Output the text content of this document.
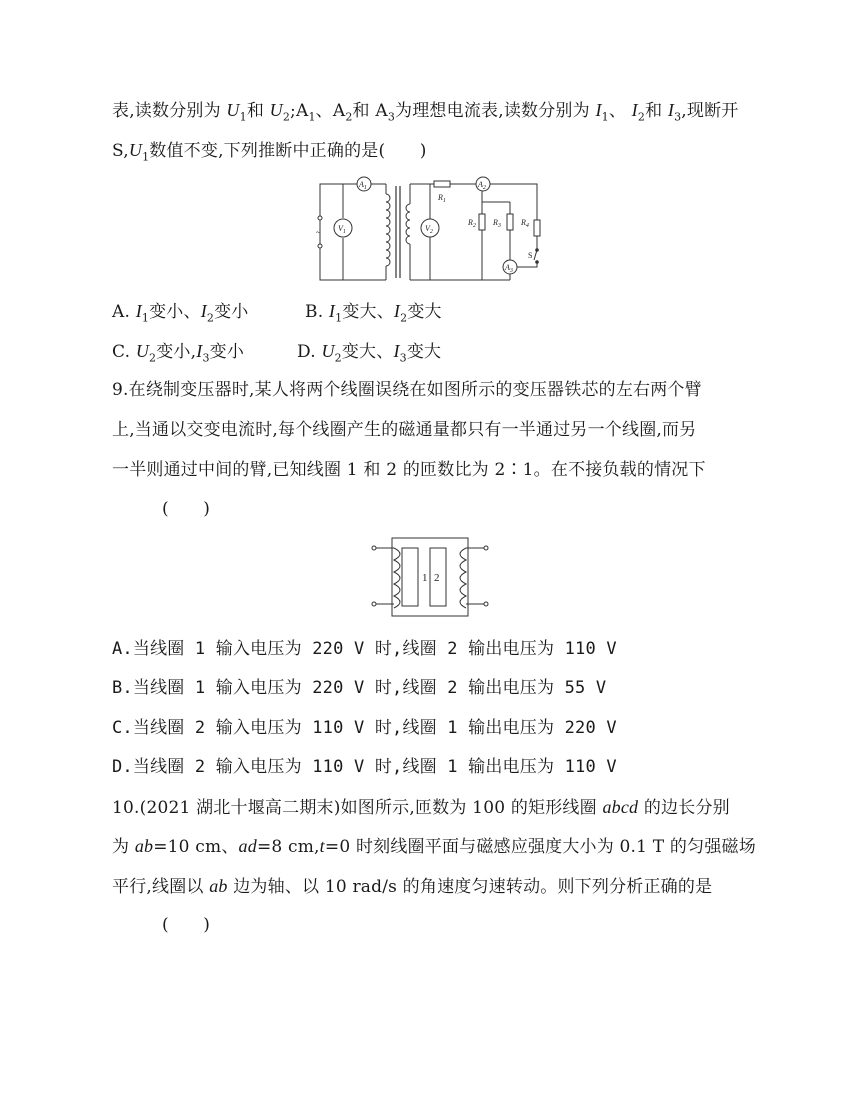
表,读数分别为 $U_1$和 $U_2;A_1$、$A_2$和 $A_3$为理想电流表,读数分别为 $I_1$、 $I_2$和 $I_3$,现断开
$S,U_1$数值不变,下列推断中正确的是(　　)
$A_1$	$A_2$
$A_3$
$V_1$	$V_2$
$R_1$
$R_2$ $R_3$	$R_4$
S
~
A. $I_1$变小、$I_2$变小	B. $I_1$变大、$I_2$变大
C. $U_2$变小$,I_3$变小	D. $U_2$变大、$I_3$变大
9.在绕制变压器时,某人将两个线圈误绕在如图所示的变压器铁芯的左右两个臂
上,当通以交变电流时,每个线圈产生的磁通量都只有一半通过另一个线圈,而另
一半则通过中间的臂,已知线圈 1 和 2 的匝数比为 2∶1。在不接负载的情况下
(　　)
1 2
A.当线圈 1 输入电压为 220 V 时,线圈 2 输出电压为 110 V
B.当线圈 1 输入电压为 220 V 时,线圈 2 输出电压为 55 V
C.当线圈 2 输入电压为 110 V 时,线圈 1 输出电压为 220 V
D.当线圈 2 输入电压为 110 V 时,线圈 1 输出电压为 110 V
10.(2021 湖北十堰高二期末)如图所示,匝数为 100 的矩形线圈 abcd 的边长分别
为 ab=10 cm、ad=8 cm,t=0 时刻线圈平面与磁感应强度大小为 0.1 T 的匀强磁场
平行,线圈以 ab 边为轴、以 10 rad/s 的角速度匀速转动。则下列分析正确的是
(　　)
